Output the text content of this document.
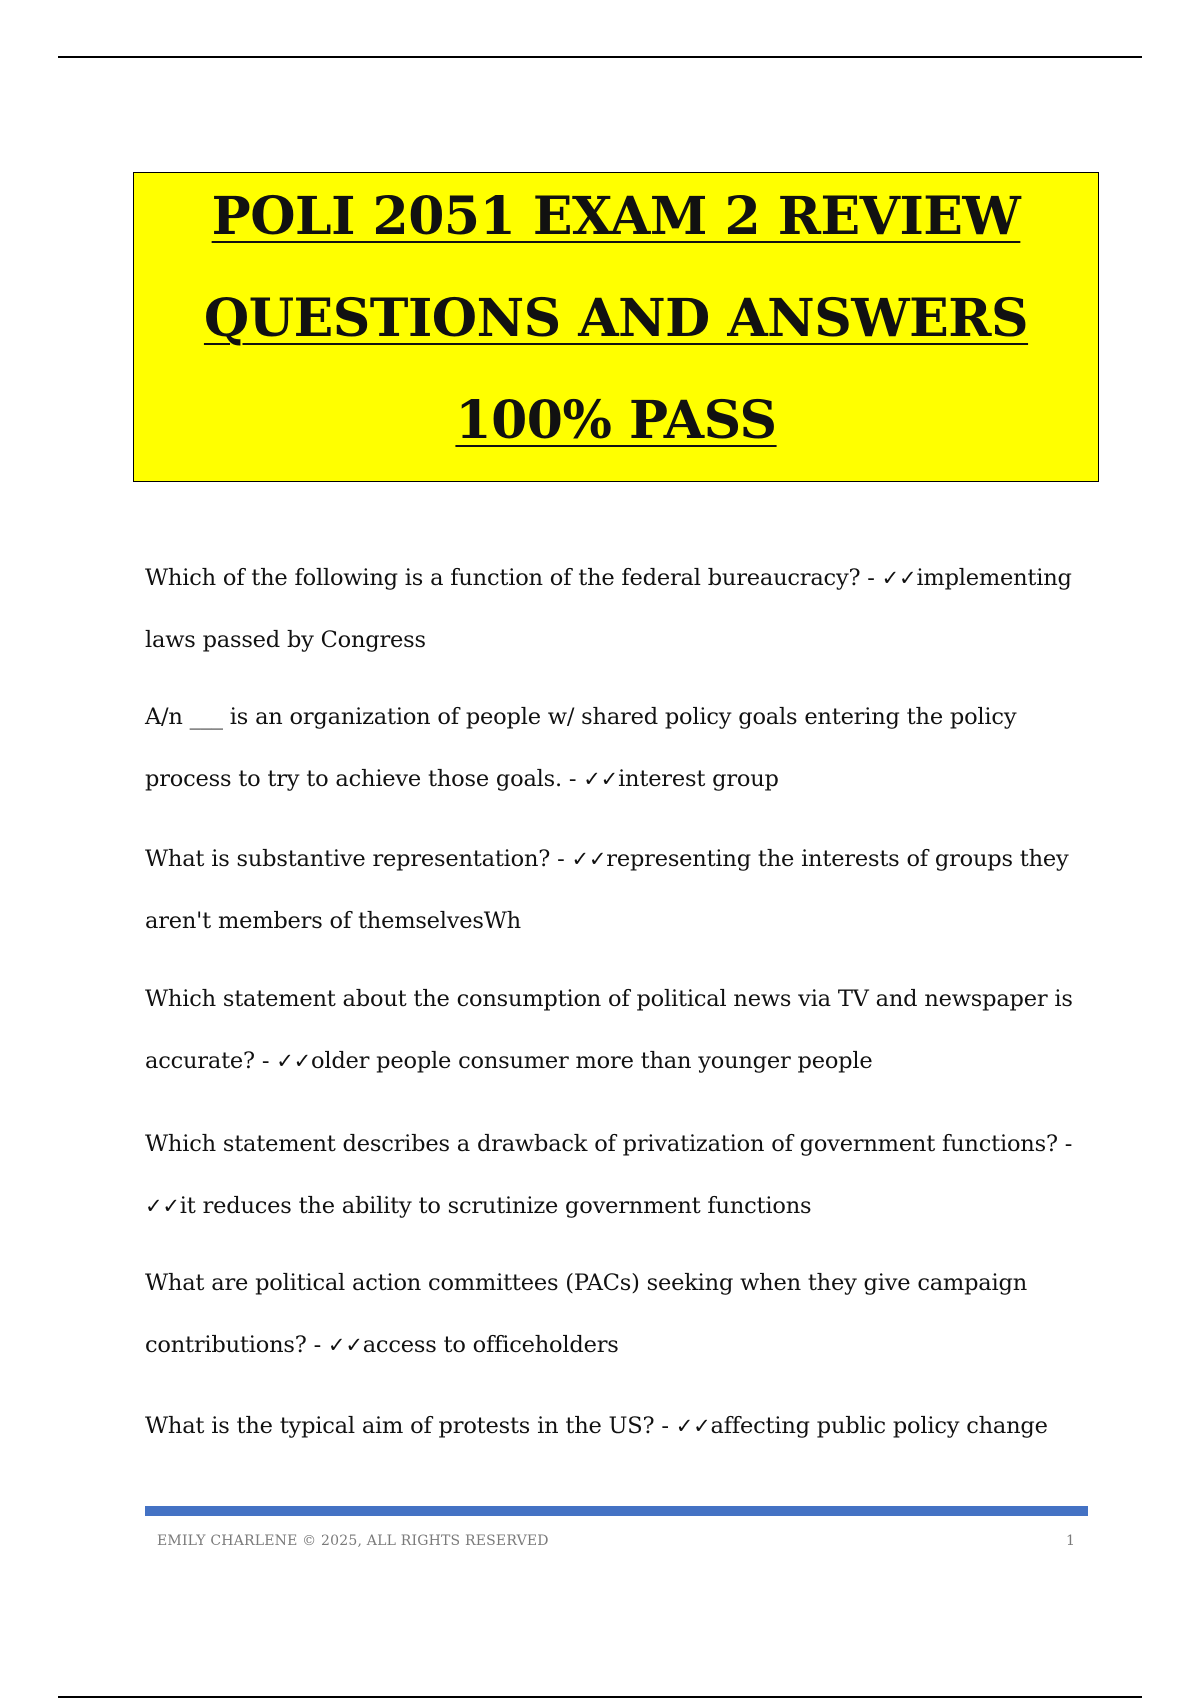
POLI 2051 EXAM 2 REVIEW
QUESTIONS AND ANSWERS
100% PASS
Which of the following is a function of the federal bureaucracy? - ✓✓implementing laws passed by Congress
A/n ___ is an organization of people w/ shared policy goals entering the policy process to try to achieve those goals. - ✓✓interest group
What is substantive representation? - ✓✓representing the interests of groups they aren't members of themselvesWh
Which statement about the consumption of political news via TV and newspaper is accurate? - ✓✓older people consumer more than younger people
Which statement describes a drawback of privatization of government functions? - ✓✓it reduces the ability to scrutinize government functions
What are political action committees (PACs) seeking when they give campaign contributions? - ✓✓access to officeholders
What is the typical aim of protests in the US? - ✓✓affecting public policy change
EMILY CHARLENE © 2025, ALL RIGHTS RESERVED	1
